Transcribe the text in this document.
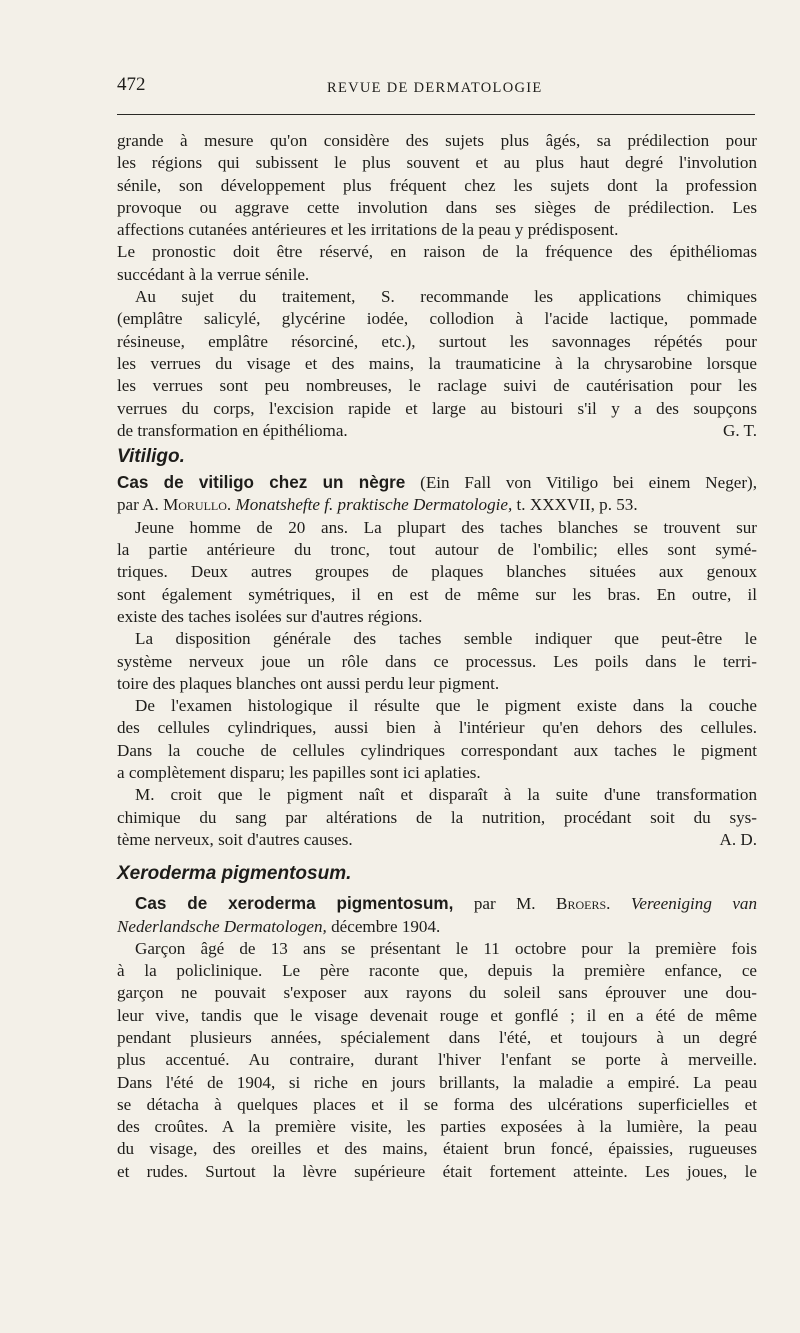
472	REVUE DE DERMATOLOGIE
grande à mesure qu'on considère des sujets plus âgés, sa prédilection pour
les régions qui subissent le plus souvent et au plus haut degré l'involution
sénile, son développement plus fréquent chez les sujets dont la profession
provoque ou aggrave cette involution dans ses sièges de prédilection. Les
affections cutanées antérieures et les irritations de la peau y prédisposent.
Le pronostic doit être réservé, en raison de la fréquence des épithéliomas
succédant à la verrue sénile.
Au sujet du traitement, S. recommande les applications chimiques
(emplâtre salicylé, glycérine iodée, collodion à l'acide lactique, pommade
résineuse, emplâtre résorciné, etc.), surtout les savonnages répétés pour
les verrues du visage et des mains, la traumaticine à la chrysarobine lorsque
les verrues sont peu nombreuses, le raclage suivi de cautérisation pour les
verrues du corps, l'excision rapide et large au bistouri s'il y a des soupçons
de transformation en épithélioma.	G. T.
Vitiligo.
Cas de vitiligo chez un nègre (Ein Fall von Vitiligo bei einem Neger),
par A. Morullo. Monatshefte f. praktische Dermatologie, t. XXXVII, p. 53.
Jeune homme de 20 ans. La plupart des taches blanches se trouvent sur
la partie antérieure du tronc, tout autour de l'ombilic; elles sont symé-
triques. Deux autres groupes de plaques blanches situées aux genoux
sont également symétriques, il en est de même sur les bras. En outre, il
existe des taches isolées sur d'autres régions.
La disposition générale des taches semble indiquer que peut-être le
système nerveux joue un rôle dans ce processus. Les poils dans le terri-
toire des plaques blanches ont aussi perdu leur pigment.
De l'examen histologique il résulte que le pigment existe dans la couche
des cellules cylindriques, aussi bien à l'intérieur qu'en dehors des cellules.
Dans la couche de cellules cylindriques correspondant aux taches le pigment
a complètement disparu; les papilles sont ici aplaties.
M. croit que le pigment naît et disparaît à la suite d'une transformation
chimique du sang par altérations de la nutrition, procédant soit du sys-
tème nerveux, soit d'autres causes.	A. D.
Xeroderma pigmentosum.
Cas de xeroderma pigmentosum, par M. Broers. Vereeniging van
Nederlandsche Dermatologen, décembre 1904.
Garçon âgé de 13 ans se présentant le 11 octobre pour la première fois
à la policlinique. Le père raconte que, depuis la première enfance, ce
garçon ne pouvait s'exposer aux rayons du soleil sans éprouver une dou-
leur vive, tandis que le visage devenait rouge et gonflé ; il en a été de même
pendant plusieurs années, spécialement dans l'été, et toujours à un degré
plus accentué. Au contraire, durant l'hiver l'enfant se porte à merveille.
Dans l'été de 1904, si riche en jours brillants, la maladie a empiré. La peau
se détacha à quelques places et il se forma des ulcérations superficielles et
des croûtes. A la première visite, les parties exposées à la lumière, la peau
du visage, des oreilles et des mains, étaient brun foncé, épaissies, rugueuses
et rudes. Surtout la lèvre supérieure était fortement atteinte. Les joues, le
